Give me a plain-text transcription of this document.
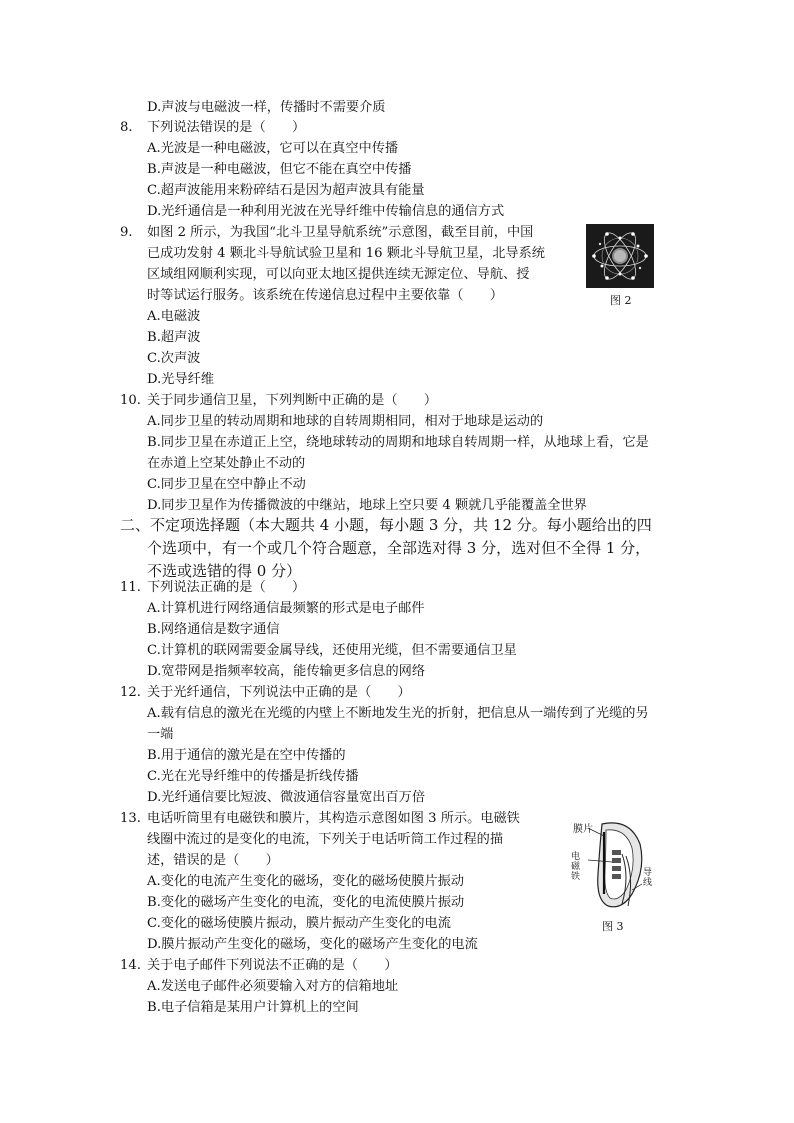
D.声波与电磁波一样，传播时不需要介质
8.	下列说法错误的是（　　）
A.光波是一种电磁波，它可以在真空中传播
B.声波是一种电磁波，但它不能在真空中传播
C.超声波能用来粉碎结石是因为超声波具有能量
D.光纤通信是一种利用光波在光导纤维中传输信息的通信方式
9.	如图 2 所示，为我国“北斗卫星导航系统”示意图，截至目前，中国
已成功发射 4 颗北斗导航试验卫星和 16 颗北斗导航卫星，北导系统
区域组网顺利实现，可以向亚太地区提供连续无源定位、导航、授
时等试运行服务。该系统在传递信息过程中主要依靠（　　）
A.电磁波
B.超声波
C.次声波
D.光导纤维
图 2
10. 关于同步通信卫星，下列判断中正确的是（　　）
A.同步卫星的转动周期和地球的自转周期相同，相对于地球是运动的
B.同步卫星在赤道正上空，绕地球转动的周期和地球自转周期一样，从地球上看，它是
在赤道上空某处静止不动的
C.同步卫星在空中静止不动
D.同步卫星作为传播微波的中继站，地球上空只要 4 颗就几乎能覆盖全世界
二、不定项选择题（本大题共 4 小题，每小题 3 分，共 12 分。每小题给出的四
个选项中，有一个或几个符合题意，全部选对得 3 分，选对但不全得 1 分，
不选或选错的得 0 分）
11. 下列说法正确的是（　　）
A.计算机进行网络通信最频繁的形式是电子邮件
B.网络通信是数字通信
C.计算机的联网需要金属导线，还使用光缆，但不需要通信卫星
D.宽带网是指频率较高，能传输更多信息的网络
12. 关于光纤通信，下列说法中正确的是（　　）
A.载有信息的激光在光缆的内壁上不断地发生光的折射，把信息从一端传到了光缆的另
一端
B.用于通信的激光是在空中传播的
C.光在光导纤维中的传播是折线传播
D.光纤通信要比短波、微波通信容量宽出百万倍
13. 电话听筒里有电磁铁和膜片，其构造示意图如图 3 所示。电磁铁
线圈中流过的是变化的电流，下列关于电话听筒工作过程的描
述，错误的是（　　）
A.变化的电流产生变化的磁场，变化的磁场使膜片振动
B.变化的磁场产生变化的电流，变化的电流使膜片振动
C.变化的磁场使膜片振动，膜片振动产生变化的电流
D.膜片振动产生变化的磁场，变化的磁场产生变化的电流
膜片
电磁铁	导线
图 3
14. 关于电子邮件下列说法不正确的是（　　）
A.发送电子邮件必须要输入对方的信箱地址
B.电子信箱是某用户计算机上的空间
